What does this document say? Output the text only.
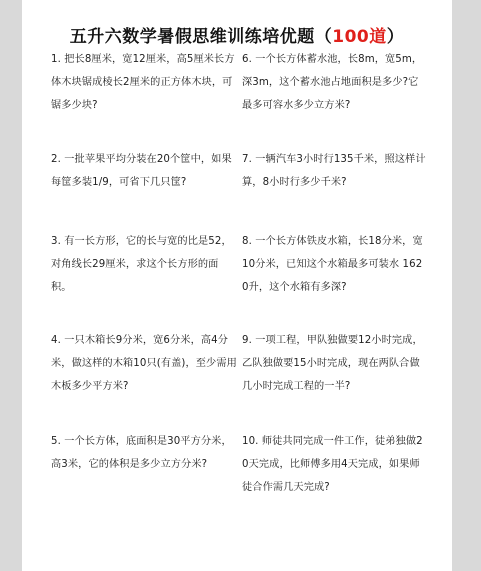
五升六数学暑假思维训练培优题（100道）
1. 把长8厘米，宽12厘米，高5厘米长方体木块锯成棱长2厘米的正方体木块，可锯多少块?
2. 一批苹果平均分装在20个筐中，如果每筐多装1/9，可省下几只筐?
3. 有一长方形，它的长与宽的比是52，对角线长29厘米，求这个长方形的面积。
4. 一只木箱长9分米，宽6分米，高4分米，做这样的木箱10只(有盖)，至少需用木板多少平方米?
5. 一个长方体，底面积是30平方分米，高3米，它的体积是多少立方分米?
6. 一个长方体蓄水池，长8m，宽5m，深3m，这个蓄水池占地面积是多少?它最多可容水多少立方米?
7. 一辆汽车3小时行135千米，照这样计算，8小时行多少千米?
8. 一个长方体铁皮水箱，长18分米，宽10分米，已知这个水箱最多可装水 1620升，这个水箱有多深?
9. 一项工程，甲队独做要12小时完成，乙队独做要15小时完成，现在两队合做几小时完成工程的一半?
10. 师徒共同完成一件工作，徒弟独做20天完成，比师傅多用4天完成，如果师徒合作需几天完成?
